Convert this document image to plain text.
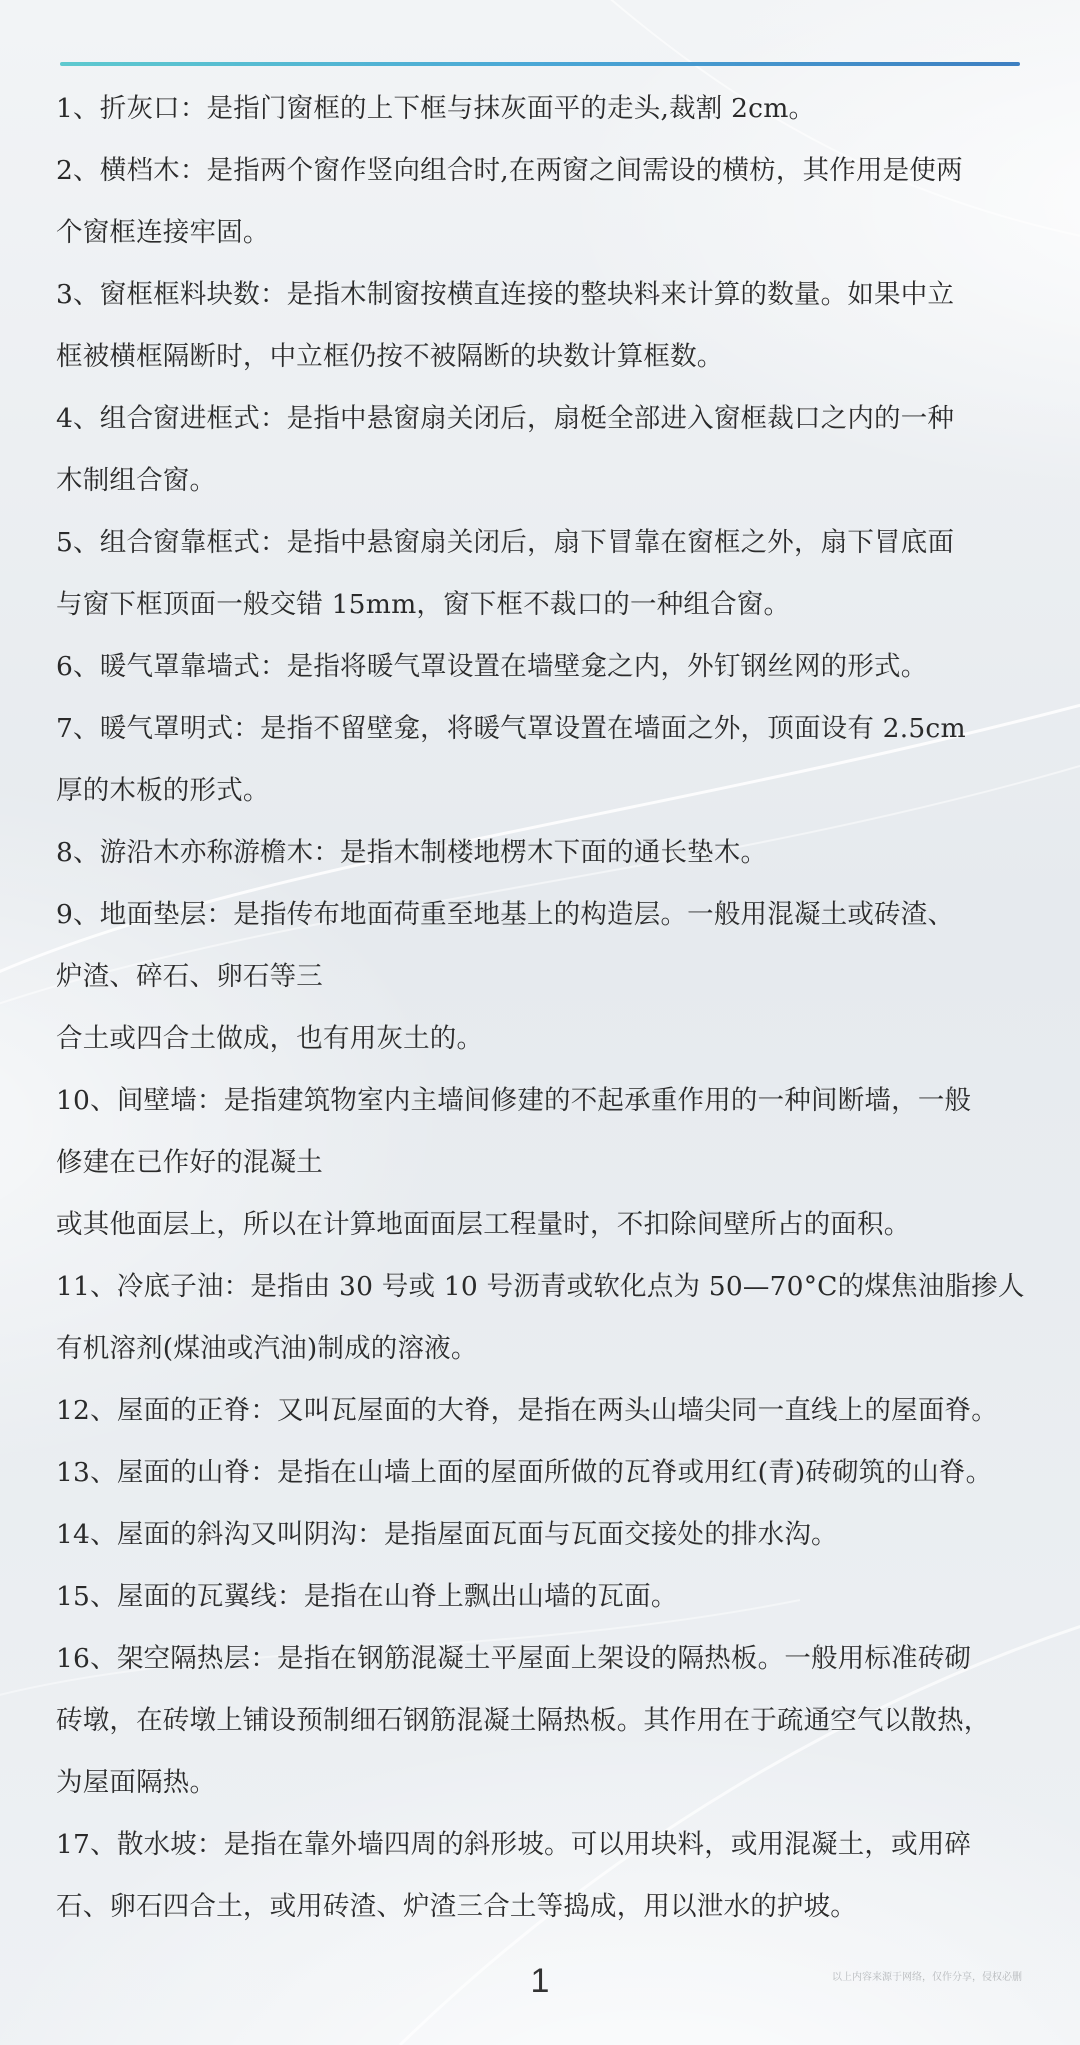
1、折灰口：是指门窗框的上下框与抹灰面平的走头,裁割 2cm。
2、横档木：是指两个窗作竖向组合时,在两窗之间需设的横枋，其作用是使两
个窗框连接牢固。
3、窗框框料块数：是指木制窗按横直连接的整块料来计算的数量。如果中立
框被横框隔断时，中立框仍按不被隔断的块数计算框数。
4、组合窗进框式：是指中悬窗扇关闭后，扇梃全部进入窗框裁口之内的一种
木制组合窗。
5、组合窗靠框式：是指中悬窗扇关闭后，扇下冒靠在窗框之外，扇下冒底面
与窗下框顶面一般交错 15mm，窗下框不裁口的一种组合窗。
6、暖气罩靠墙式：是指将暖气罩设置在墙壁龛之内，外钉钢丝网的形式。
7、暖气罩明式：是指不留壁龛，将暖气罩设置在墙面之外，顶面设有 2.5cm
厚的木板的形式。
8、游沿木亦称游檐木：是指木制楼地楞木下面的通长垫木。
9、地面垫层：是指传布地面荷重至地基上的构造层。一般用混凝土或砖渣、
炉渣、碎石、卵石等三
合土或四合土做成，也有用灰土的。
10、间壁墙：是指建筑物室内主墙间修建的不起承重作用的一种间断墙，一般
修建在已作好的混凝土
或其他面层上，所以在计算地面面层工程量时，不扣除间壁所占的面积。
11、冷底子油：是指由 30 号或 10 号沥青或软化点为 50—70°C的煤焦油脂掺人
有机溶剂(煤油或汽油)制成的溶液。
12、屋面的正脊：又叫瓦屋面的大脊，是指在两头山墙尖同一直线上的屋面脊。
13、屋面的山脊：是指在山墙上面的屋面所做的瓦脊或用红(青)砖砌筑的山脊。
14、屋面的斜沟又叫阴沟：是指屋面瓦面与瓦面交接处的排水沟。
15、屋面的瓦翼线：是指在山脊上飘出山墙的瓦面。
16、架空隔热层：是指在钢筋混凝土平屋面上架设的隔热板。一般用标准砖砌
砖墩，在砖墩上铺设预制细石钢筋混凝土隔热板。其作用在于疏通空气以散热，
为屋面隔热。
17、散水坡：是指在靠外墙四周的斜形坡。可以用块料，或用混凝土，或用碎
石、卵石四合土，或用砖渣、炉渣三合土等捣成，用以泄水的护坡。
1	以上内容来源于网络，仅作分享，侵权必删
